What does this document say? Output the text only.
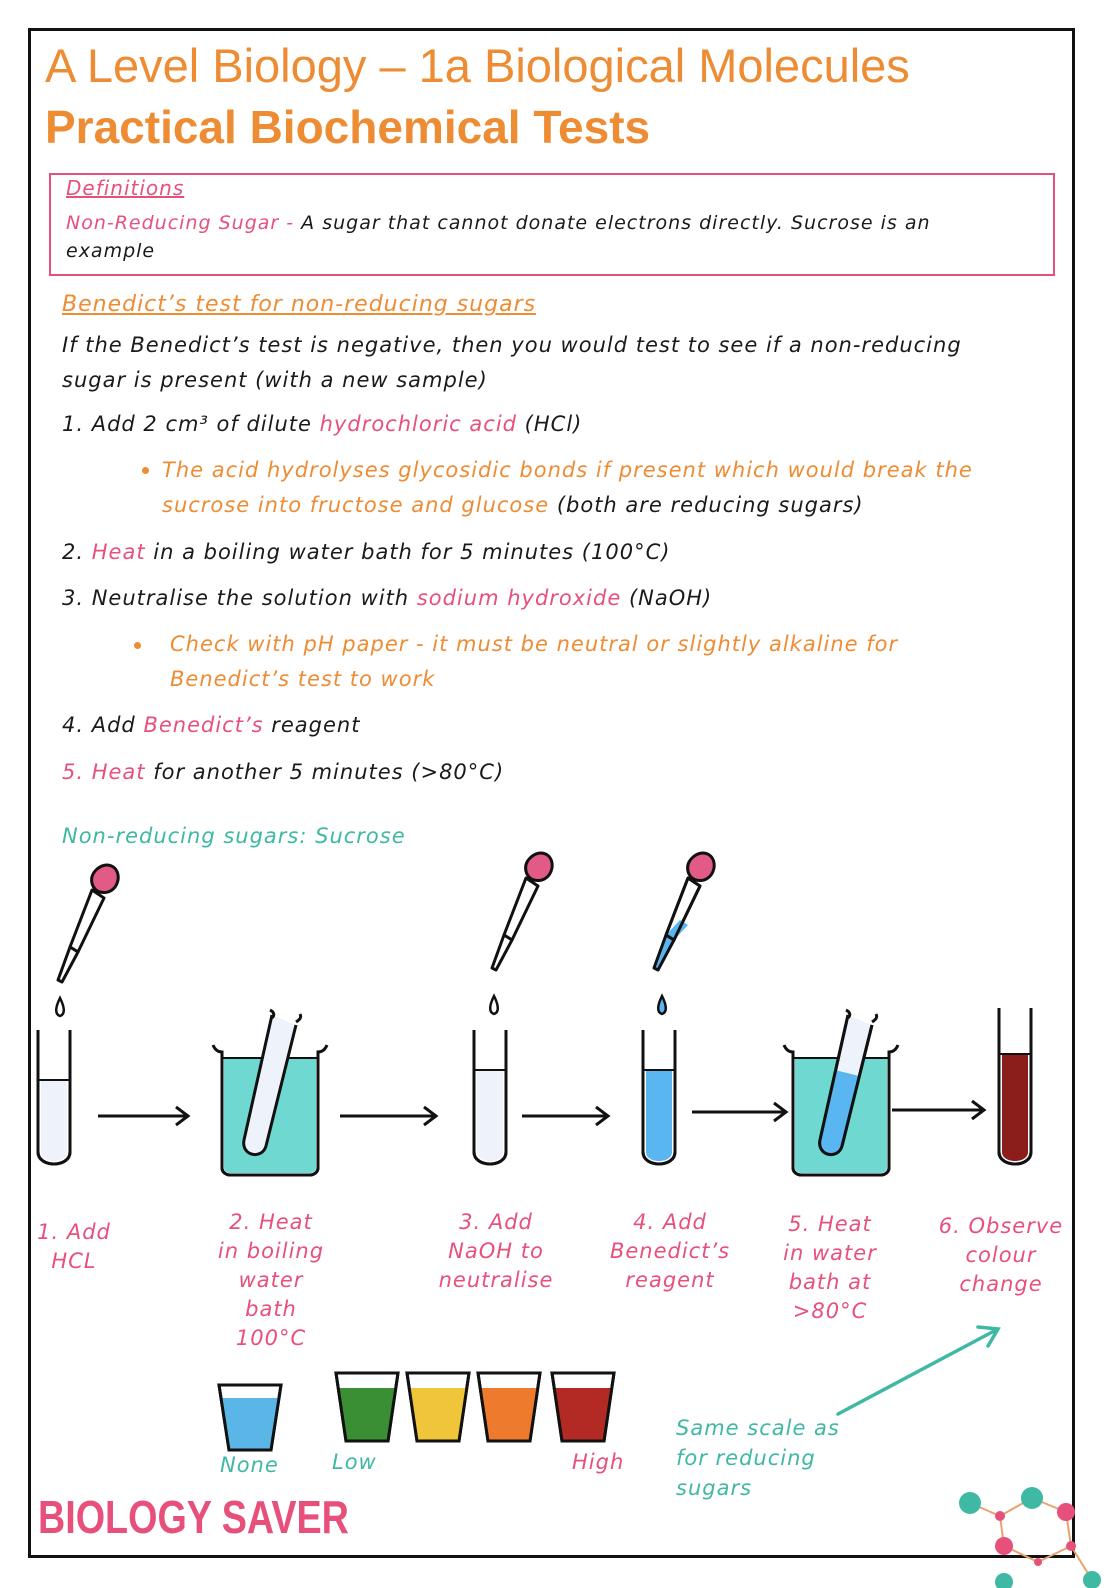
A Level Biology – 1a Biological Molecules
Practical Biochemical Tests
Definitions
Non-Reducing Sugar - A sugar that cannot donate electrons directly. Sucrose is an
example
Benedict’s test for non-reducing sugars
If the Benedict’s test is negative, then you would test to see if a non-reducing
sugar is present (with a new sample)
1. Add 2 cm³ of dilute hydrochloric acid (HCl)
The acid hydrolyses glycosidic bonds if present which would break the
sucrose into fructose and glucose (both are reducing sugars)
2. Heat in a boiling water bath for 5 minutes (100°C)
3. Neutralise the solution with sodium hydroxide (NaOH)
Check with pH paper - it must be neutral or slightly alkaline for
Benedict’s test to work
4. Add Benedict’s reagent
5. Heat for another 5 minutes (>80°C)
Non-reducing sugars: Sucrose
1. Add
HCL
2. Heat
in boiling
water
bath
100°C
3. Add
NaOH to
neutralise
4. Add
Benedict’s
reagent
5. Heat
in water
bath at
>80°C
6. Observe
colour
change
None	Low	High
Same scale as
for reducing
sugars
BIOLOGY SAVER
